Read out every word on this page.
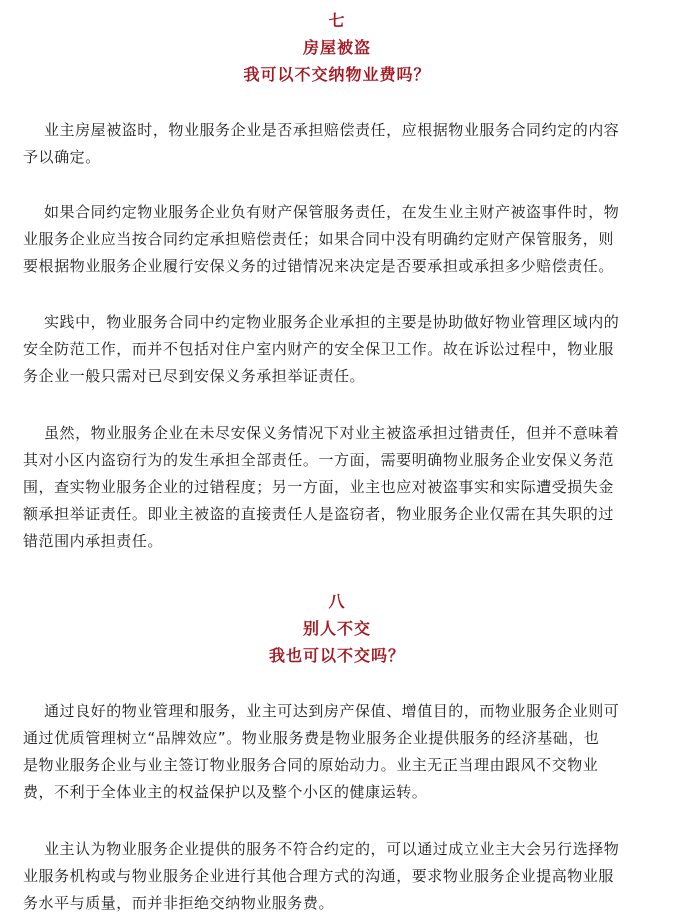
七
房屋被盗
我可以不交纳物业费吗？
业主房屋被盗时，物业服务企业是否承担赔偿责任，应根据物业服务合同约定的内容
予以确定。
如果合同约定物业服务企业负有财产保管服务责任，在发生业主财产被盗事件时，物
业服务企业应当按合同约定承担赔偿责任；如果合同中没有明确约定财产保管服务，则
要根据物业服务企业履行安保义务的过错情况来决定是否要承担或承担多少赔偿责任。
实践中，物业服务合同中约定物业服务企业承担的主要是协助做好物业管理区域内的
安全防范工作，而并不包括对住户室内财产的安全保卫工作。故在诉讼过程中，物业服
务企业一般只需对已尽到安保义务承担举证责任。
虽然，物业服务企业在未尽安保义务情况下对业主被盗承担过错责任，但并不意味着
其对小区内盗窃行为的发生承担全部责任。一方面，需要明确物业服务企业安保义务范
围，查实物业服务企业的过错程度；另一方面，业主也应对被盗事实和实际遭受损失金
额承担举证责任。即业主被盗的直接责任人是盗窃者，物业服务企业仅需在其失职的过
错范围内承担责任。
八
别人不交
我也可以不交吗？
通过良好的物业管理和服务，业主可达到房产保值、增值目的，而物业服务企业则可
通过优质管理树立“品牌效应”。物业服务费是物业服务企业提供服务的经济基础，也
是物业服务企业与业主签订物业服务合同的原始动力。业主无正当理由跟风不交物业
费，不利于全体业主的权益保护以及整个小区的健康运转。
业主认为物业服务企业提供的服务不符合约定的，可以通过成立业主大会另行选择物
业服务机构或与物业服务企业进行其他合理方式的沟通，要求物业服务企业提高物业服
务水平与质量，而并非拒绝交纳物业服务费。
